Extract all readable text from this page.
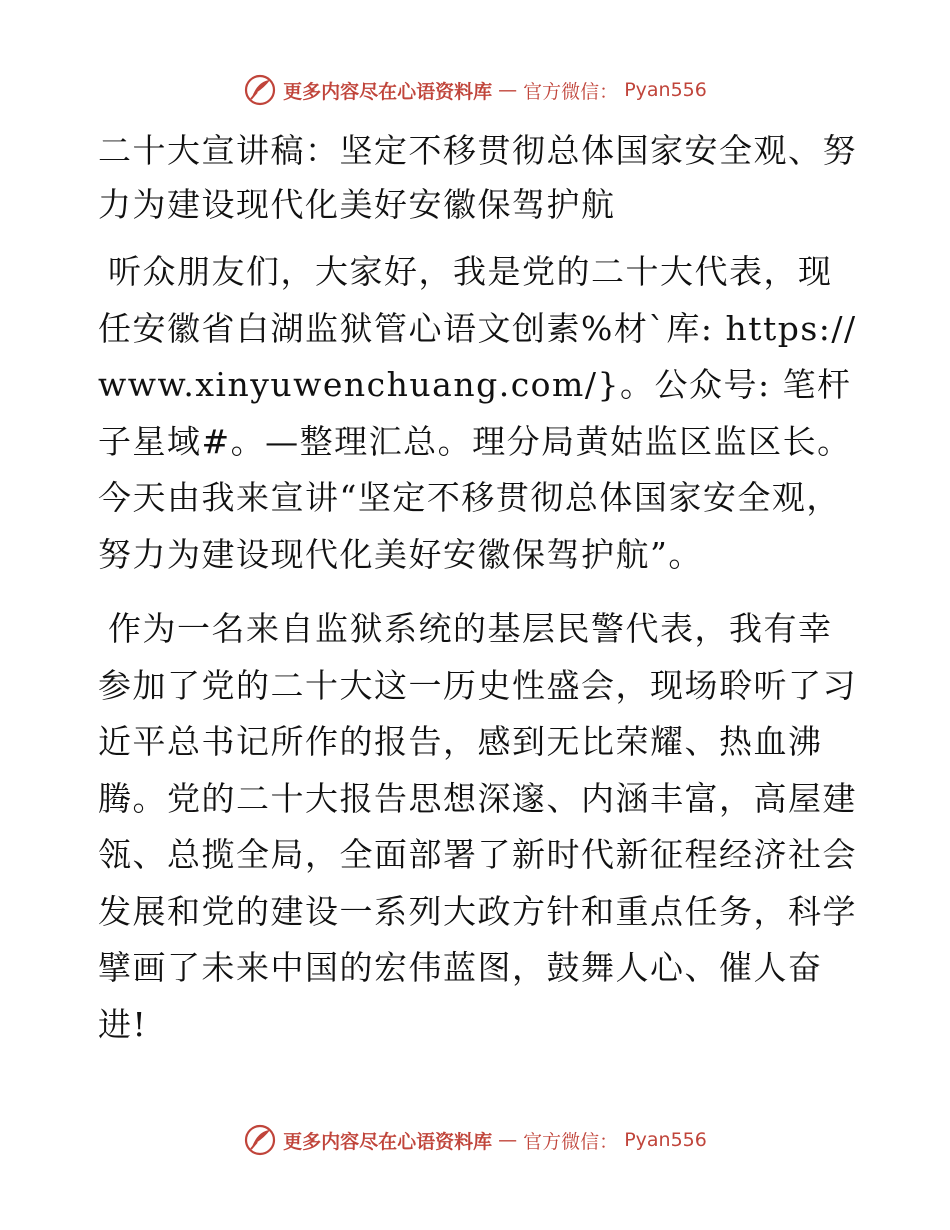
更多内容尽在心语资料库 — 官方微信： Pyan556
二十大宣讲稿：坚定不移贯彻总体国家安全观、努力为建设现代化美好安徽保驾护航

听众朋友们，大家好，我是党的二十大代表，现任安徽省白湖监狱管心语文创素%材`库: https://www.xinyuwenchuang.com/}。公众号: 笔杆子星域#。—整理汇总。理分局黄姑监区监区长。今天由我来宣讲“坚定不移贯彻总体国家安全观，努力为建设现代化美好安徽保驾护航”。

作为一名来自监狱系统的基层民警代表，我有幸参加了党的二十大这一历史性盛会，现场聆听了习近平总书记所作的报告，感到无比荣耀、热血沸腾。党的二十大报告思想深邃、内涵丰富，高屋建瓴、总揽全局，全面部署了新时代新征程经济社会发展和党的建设一系列大政方针和重点任务，科学擘画了未来中国的宏伟蓝图，鼓舞人心、催人奋进!

更多内容尽在心语资料库 — 官方微信： Pyan556
